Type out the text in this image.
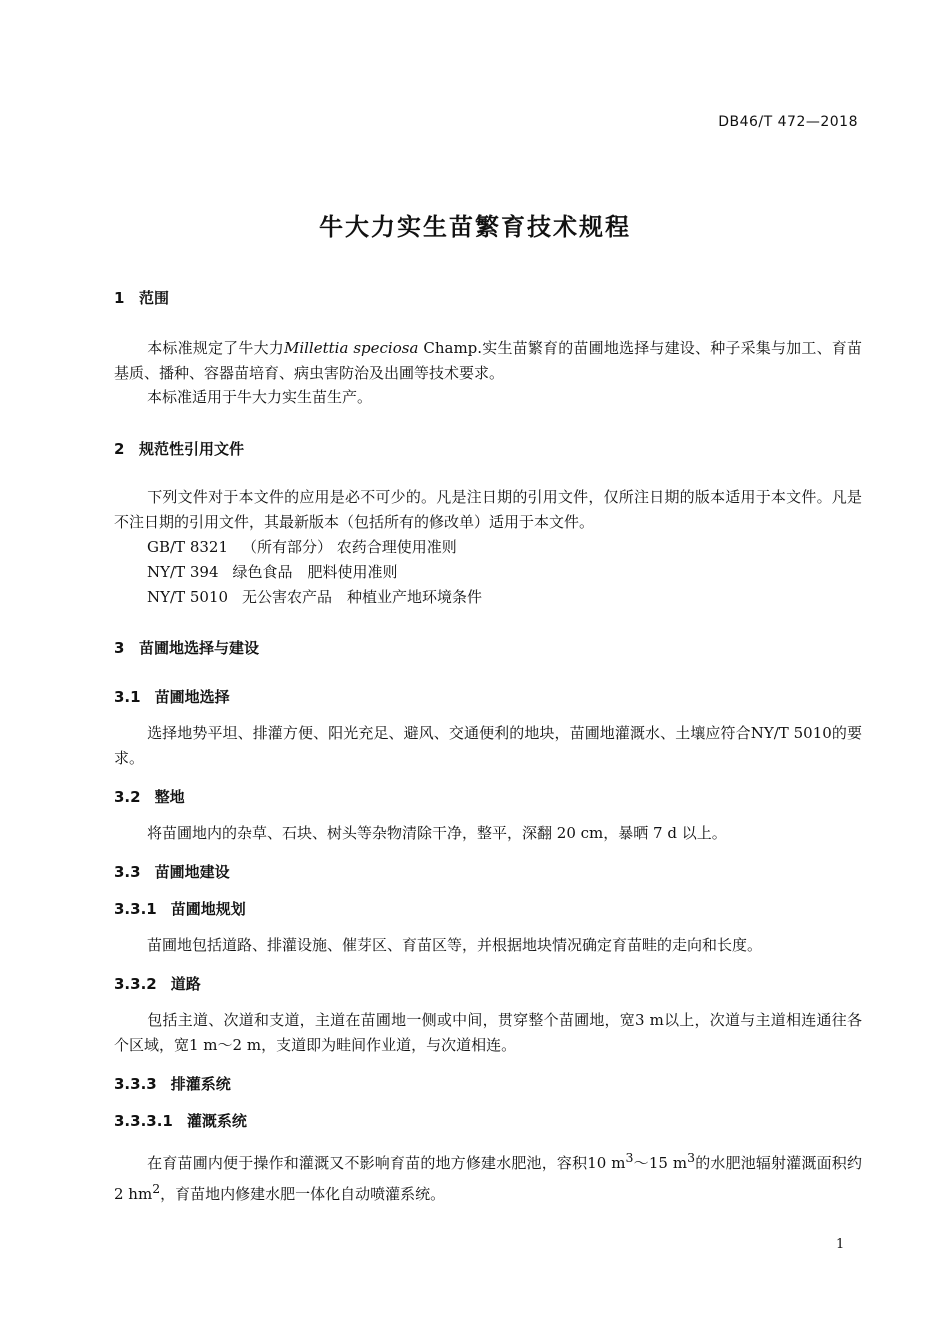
DB46/T 472—2018
牛大力实生苗繁育技术规程
1 范围
本标准规定了牛大力Millettia speciosa Champ.实生苗繁育的苗圃地选择与建设、种子采集与加工、育苗基质、播种、容器苗培育、病虫害防治及出圃等技术要求。
本标准适用于牛大力实生苗生产。
2 规范性引用文件
下列文件对于本文件的应用是必不可少的。凡是注日期的引用文件，仅所注日期的版本适用于本文件。凡是不注日期的引用文件，其最新版本（包括所有的修改单）适用于本文件。
GB/T 8321 （所有部分） 农药合理使用准则
NY/T 394 绿色食品　肥料使用准则
NY/T 5010 无公害农产品　种植业产地环境条件
3 苗圃地选择与建设
3.1 苗圃地选择
选择地势平坦、排灌方便、阳光充足、避风、交通便利的地块，苗圃地灌溉水、土壤应符合NY/T 5010的要求。
3.2 整地
将苗圃地内的杂草、石块、树头等杂物清除干净，整平，深翻 20 cm，暴晒 7 d 以上。
3.3 苗圃地建设
3.3.1 苗圃地规划
苗圃地包括道路、排灌设施、催芽区、育苗区等，并根据地块情况确定育苗畦的走向和长度。
3.3.2 道路
包括主道、次道和支道，主道在苗圃地一侧或中间，贯穿整个苗圃地，宽3 m以上，次道与主道相连通往各个区域，宽1 m～2 m，支道即为畦间作业道，与次道相连。
3.3.3 排灌系统
3.3.3.1 灌溉系统
在育苗圃内便于操作和灌溉又不影响育苗的地方修建水肥池，容积10 $m^3\sim 15$ $m^3$的水肥池辐射灌溉面积约2 $hm^2$，育苗地内修建水肥一体化自动喷灌系统。
1
